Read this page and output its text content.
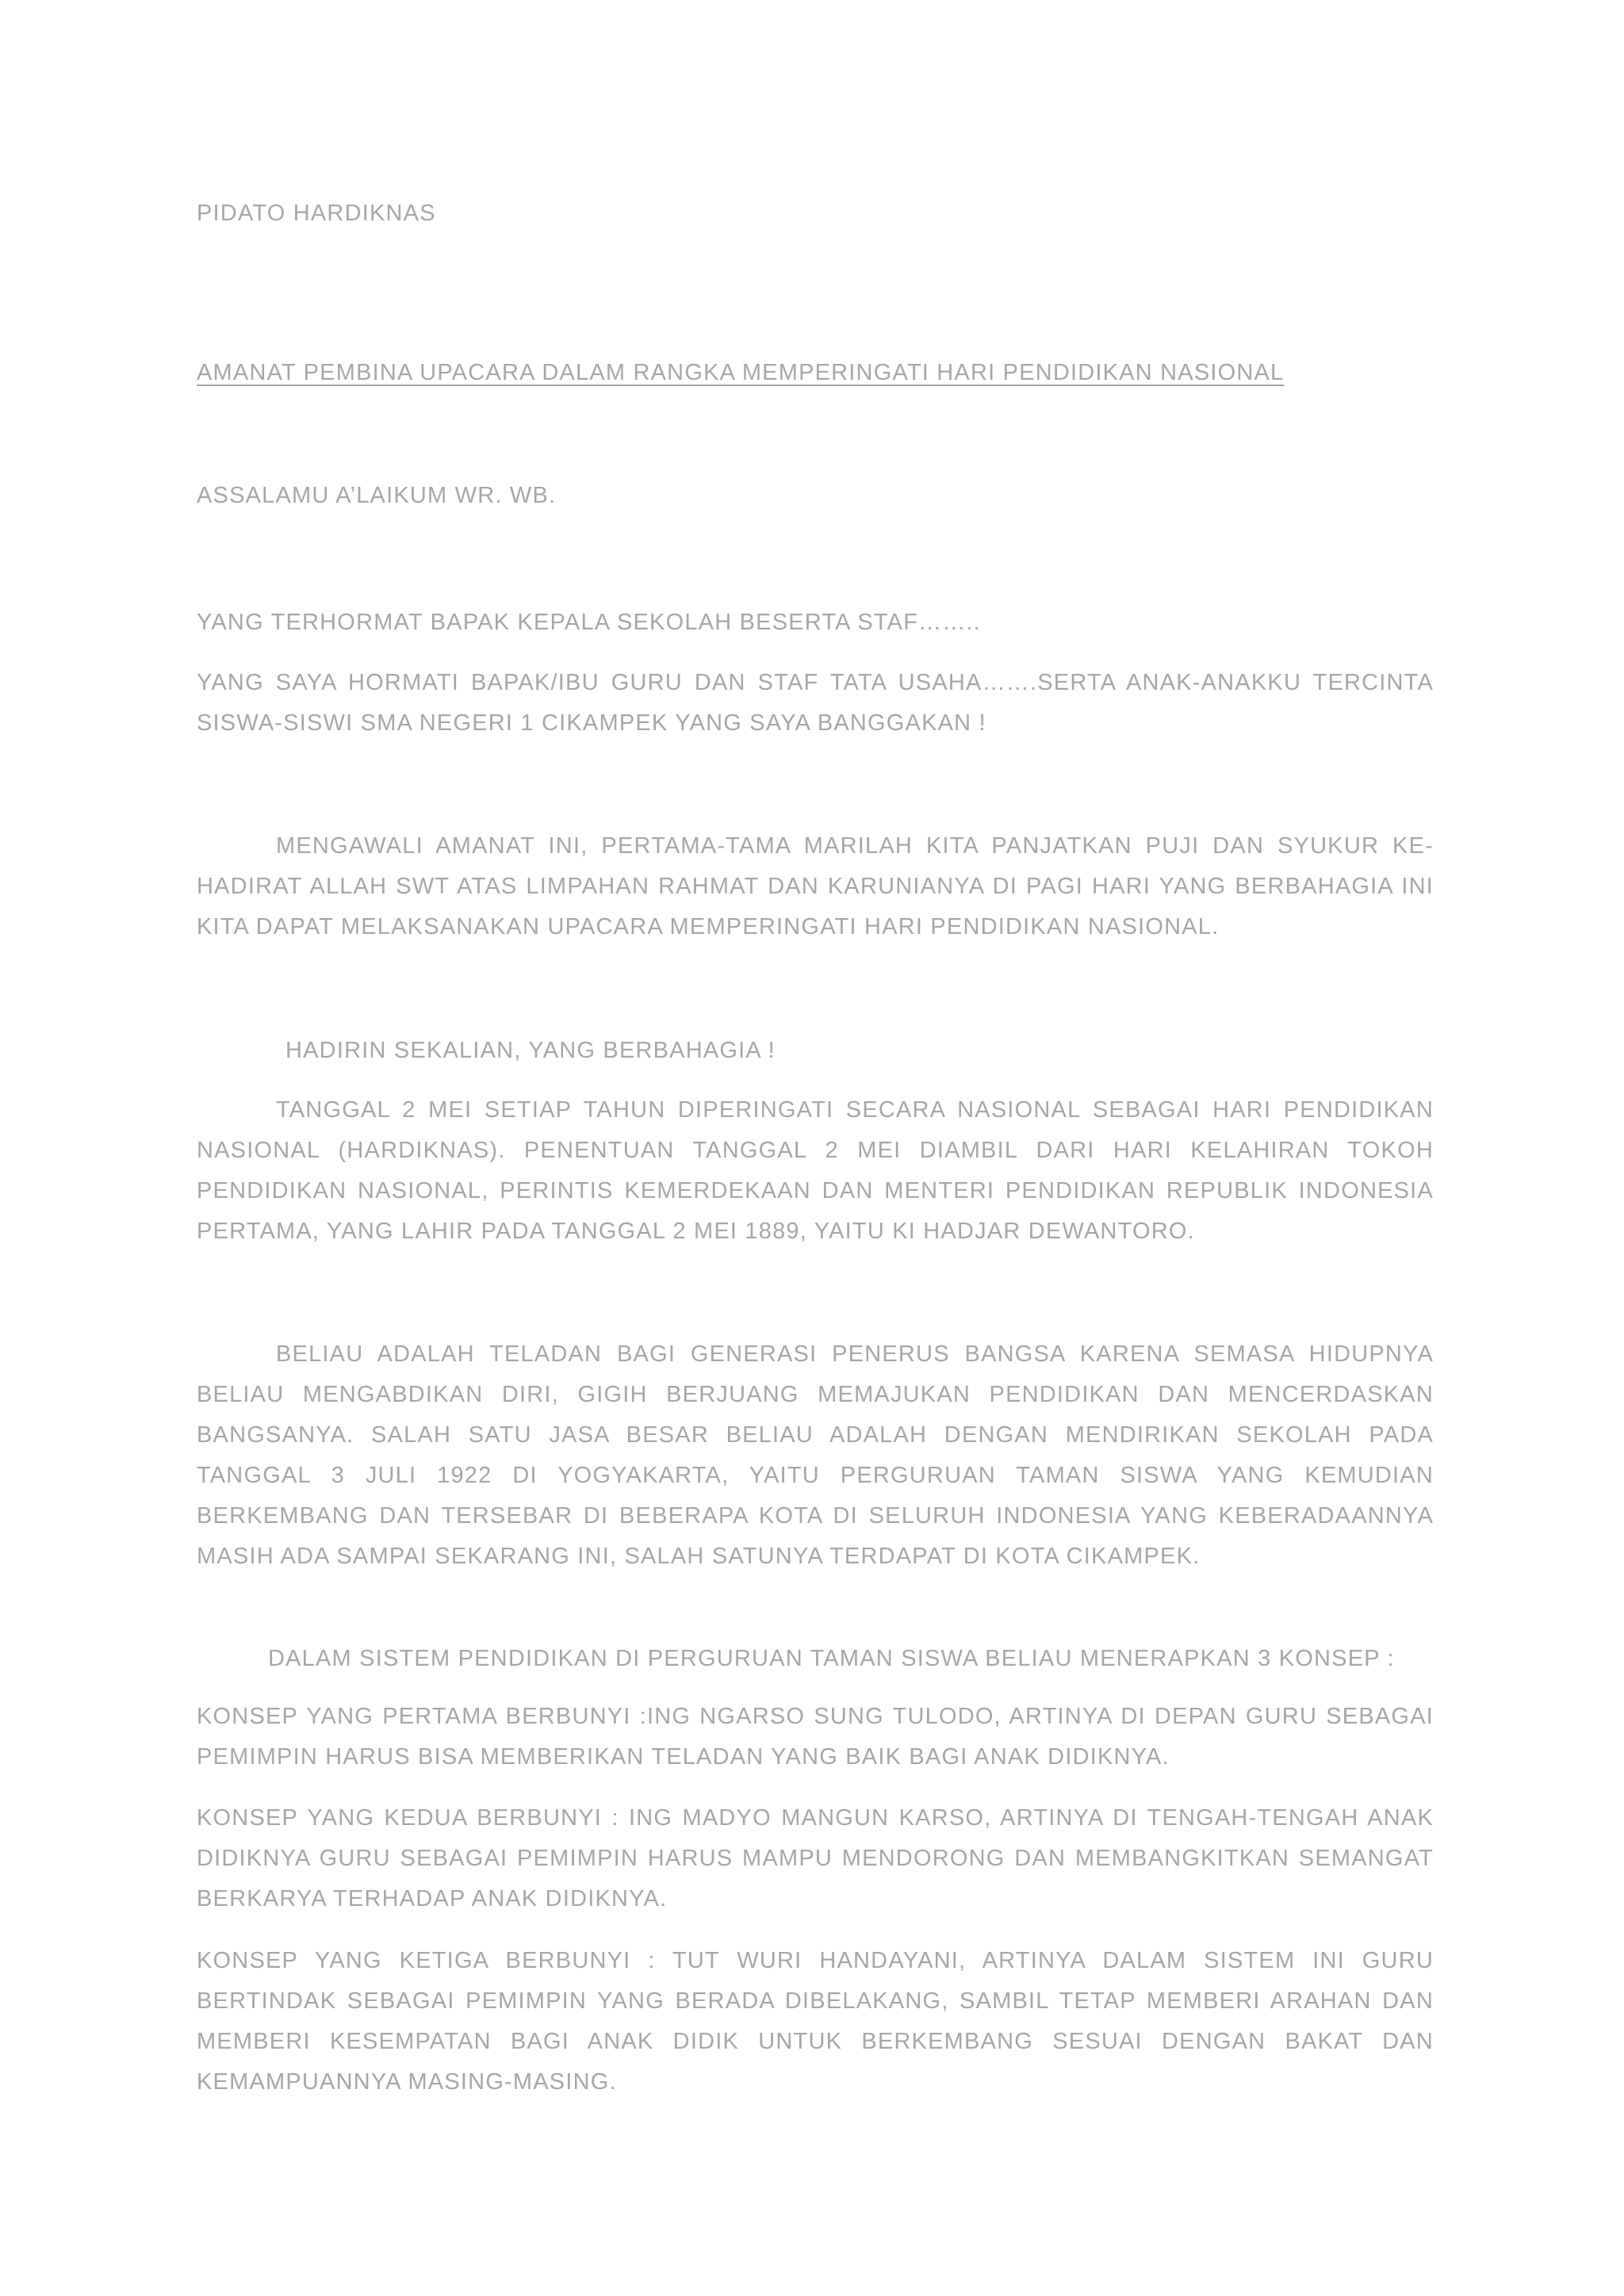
PIDATO HARDIKNAS

AMANAT PEMBINA UPACARA DALAM RANGKA MEMPERINGATI HARI PENDIDIKAN NASIONAL

ASSALAMU A’LAIKUM WR. WB.

YANG TERHORMAT BAPAK KEPALA SEKOLAH BESERTA STAF……..

YANG SAYA HORMATI BAPAK/IBU GURU DAN STAF TATA USAHA…….SERTA ANAK-ANAKKU TERCINTA SISWA-SISWI SMA NEGERI 1 CIKAMPEK YANG SAYA BANGGAKAN !

MENGAWALI AMANAT INI, PERTAMA-TAMA MARILAH KITA PANJATKAN PUJI DAN SYUKUR KE-HADIRAT ALLAH SWT ATAS LIMPAHAN RAHMAT DAN KARUNIANYA DI PAGI HARI YANG BERBAHAGIA INI KITA DAPAT MELAKSANAKAN UPACARA MEMPERINGATI HARI PENDIDIKAN NASIONAL.

HADIRIN SEKALIAN, YANG BERBAHAGIA !

TANGGAL 2 MEI SETIAP TAHUN DIPERINGATI SECARA NASIONAL SEBAGAI HARI PENDIDIKAN NASIONAL (HARDIKNAS). PENENTUAN TANGGAL 2 MEI DIAMBIL DARI HARI KELAHIRAN TOKOH PENDIDIKAN NASIONAL, PERINTIS KEMERDEKAAN DAN MENTERI PENDIDIKAN REPUBLIK INDONESIA PERTAMA, YANG LAHIR PADA TANGGAL 2 MEI 1889, YAITU KI HADJAR DEWANTORO.

BELIAU ADALAH TELADAN BAGI GENERASI PENERUS BANGSA KARENA SEMASA HIDUPNYA BELIAU MENGABDIKAN DIRI, GIGIH BERJUANG MEMAJUKAN PENDIDIKAN DAN MENCERDASKAN BANGSANYA. SALAH SATU JASA BESAR BELIAU ADALAH DENGAN MENDIRIKAN SEKOLAH PADA TANGGAL 3 JULI 1922 DI YOGYAKARTA, YAITU PERGURUAN TAMAN SISWA YANG KEMUDIAN BERKEMBANG DAN TERSEBAR DI BEBERAPA KOTA DI SELURUH INDONESIA YANG KEBERADAANNYA MASIH ADA SAMPAI SEKARANG INI, SALAH SATUNYA TERDAPAT DI KOTA CIKAMPEK.

DALAM SISTEM PENDIDIKAN DI PERGURUAN TAMAN SISWA BELIAU MENERAPKAN 3 KONSEP :

KONSEP YANG PERTAMA BERBUNYI :ING NGARSO SUNG TULODO, ARTINYA DI DEPAN GURU SEBAGAI PEMIMPIN HARUS BISA MEMBERIKAN TELADAN YANG BAIK BAGI ANAK DIDIKNYA.

KONSEP YANG KEDUA BERBUNYI : ING MADYO MANGUN KARSO, ARTINYA DI TENGAH-TENGAH ANAK DIDIKNYA GURU SEBAGAI PEMIMPIN HARUS MAMPU MENDORONG DAN MEMBANGKITKAN SEMANGAT BERKARYA TERHADAP ANAK DIDIKNYA.

KONSEP YANG KETIGA BERBUNYI : TUT WURI HANDAYANI, ARTINYA DALAM SISTEM INI GURU BERTINDAK SEBAGAI PEMIMPIN YANG BERADA DIBELAKANG, SAMBIL TETAP MEMBERI ARAHAN DAN MEMBERI KESEMPATAN BAGI ANAK DIDIK UNTUK BERKEMBANG SESUAI DENGAN BAKAT DAN KEMAMPUANNYA MASING-MASING.
